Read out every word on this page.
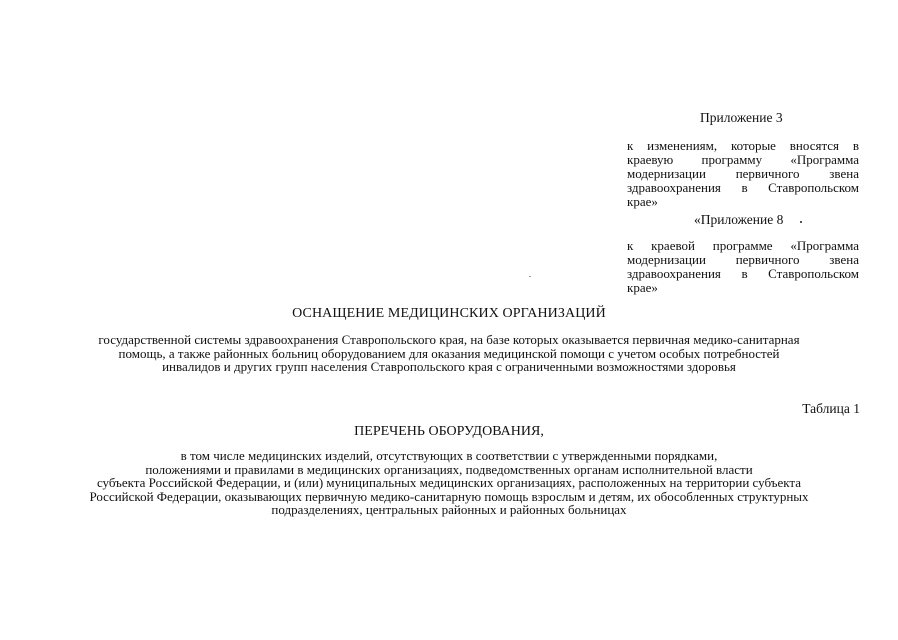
Приложение 3

к изменениям, которые вносятся в
краевую программу «Программа
модернизации первичного звена
здравоохранения в Ставропольском
крае»

«Приложение 8

к краевой программе «Программа
модернизации первичного звена
здравоохранения в Ставропольском
крае»

ОСНАЩЕНИЕ МЕДИЦИНСКИХ ОРГАНИЗАЦИЙ

государственной системы здравоохранения Ставропольского края, на базе которых оказывается первичная медико-санитарная
помощь, а также районных больниц оборудованием для оказания медицинской помощи с учетом особых потребностей
инвалидов и других групп населения Ставропольского края с ограниченными возможностями здоровья

Таблица 1

ПЕРЕЧЕНЬ ОБОРУДОВАНИЯ,

в том числе медицинских изделий, отсутствующих в соответствии с утвержденными порядками,
положениями и правилами в медицинских организациях, подведомственных органам исполнительной власти
субъекта Российской Федерации, и (или) муниципальных медицинских организациях, расположенных на территории субъекта
Российской Федерации, оказывающих первичную медико-санитарную помощь взрослым и детям, их обособленных структурных
подразделениях, центральных районных и районных больницах
